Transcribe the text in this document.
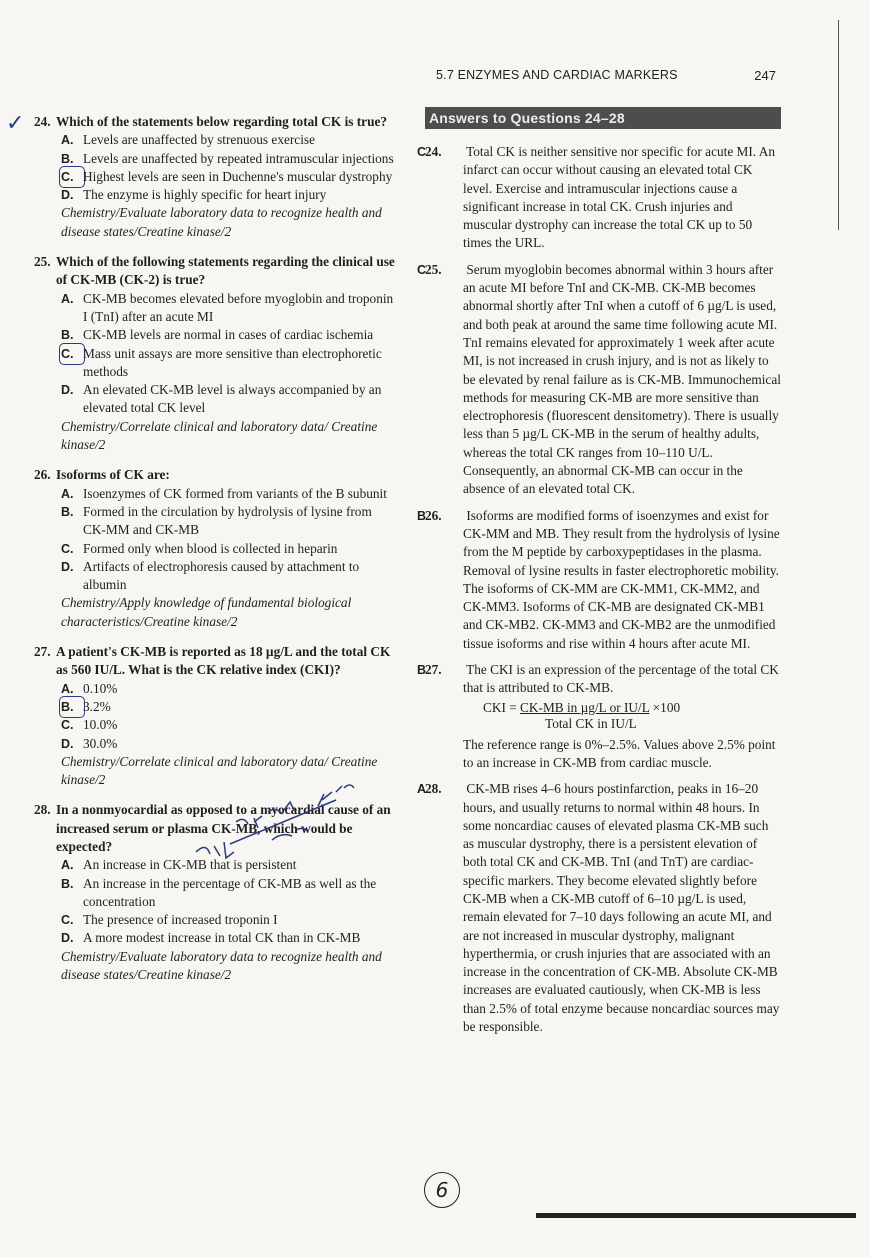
5.7 ENZYMES AND CARDIAC MARKERS	247
✓ 24. Which of the statements below regarding total CK is true?
A. Levels are unaffected by strenuous exercise
B. Levels are unaffected by repeated intramuscular injections
C. Highest levels are seen in Duchenne's muscular dystrophy
D. The enzyme is highly specific for heart injury
Chemistry/Evaluate laboratory data to recognize health and disease states/Creatine kinase/2
25. Which of the following statements regarding the clinical use of CK-MB (CK-2) is true?
A. CK-MB becomes elevated before myoglobin and troponin I (TnI) after an acute MI
B. CK-MB levels are normal in cases of cardiac ischemia
C. Mass unit assays are more sensitive than electrophoretic methods
D. An elevated CK-MB level is always accompanied by an elevated total CK level
Chemistry/Correlate clinical and laboratory data/ Creatine kinase/2
26. Isoforms of CK are:
A. Isoenzymes of CK formed from variants of the B subunit
B. Formed in the circulation by hydrolysis of lysine from CK-MM and CK-MB
C. Formed only when blood is collected in heparin
D. Artifacts of electrophoresis caused by attachment to albumin
Chemistry/Apply knowledge of fundamental biological characteristics/Creatine kinase/2
27. A patient's CK-MB is reported as 18 µg/L and the total CK as 560 IU/L. What is the CK relative index (CKI)?
A. 0.10%
B. 3.2%
C. 10.0%
D. 30.0%
Chemistry/Correlate clinical and laboratory data/ Creatine kinase/2
28. In a nonmyocardial as opposed to a myocardial cause of an increased serum or plasma CK-MB, which would be expected?
A. An increase in CK-MB that is persistent
B. An increase in the percentage of CK-MB as well as the concentration
C. The presence of increased troponin I
D. A more modest increase in total CK than in CK-MB
Chemistry/Evaluate laboratory data to recognize health and disease states/Creatine kinase/2
Answers to Questions 24–28
24.C	Total CK is neither sensitive nor specific for acute MI. An infarct can occur without causing an elevated total CK level. Exercise and intramuscular injections cause a significant increase in total CK. Crush injuries and muscular dystrophy can increase the total CK up to 50 times the URL.
25.C	Serum myoglobin becomes abnormal within 3 hours after an acute MI before TnI and CK-MB. CK-MB becomes abnormal shortly after TnI when a cutoff of 6 µg/L is used, and both peak at around the same time following acute MI. TnI remains elevated for approximately 1 week after acute MI, is not increased in crush injury, and is not as likely to be elevated by renal failure as is CK-MB. Immunochemical methods for measuring CK-MB are more sensitive than electrophoresis (fluorescent densitometry). There is usually less than 5 µg/L CK-MB in the serum of healthy adults, whereas the total CK ranges from 10–110 U/L. Consequently, an abnormal CK-MB can occur in the absence of an elevated total CK.
26.B	Isoforms are modified forms of isoenzymes and exist for CK-MM and MB. They result from the hydrolysis of lysine from the M peptide by carboxypeptidases in the plasma. Removal of lysine results in faster electrophoretic mobility. The isoforms of CK-MM are CK-MM1, CK-MM2, and CK-MM3. Isoforms of CK-MB are designated CK-MB1 and CK-MB2. CK-MM3 and CK-MB2 are the unmodified tissue isoforms and rise within 4 hours after acute MI.
27.B	The CKI is an expression of the percentage of the total CK that is attributed to CK-MB.
CKI = CK-MB in µg/L or IU/L ×100
Total CK in IU/L
The reference range is 0%–2.5%. Values above 2.5% point to an increase in CK-MB from cardiac muscle.
28.A	CK-MB rises 4–6 hours postinfarction, peaks in 16–20 hours, and usually returns to normal within 48 hours. In some noncardiac causes of elevated plasma CK-MB such as muscular dystrophy, there is a persistent elevation of both total CK and CK-MB. TnI (and TnT) are cardiac-specific markers. They become elevated slightly before CK-MB when a CK-MB cutoff of 6–10 µg/L is used, remain elevated for 7–10 days following an acute MI, and are not increased in muscular dystrophy, malignant hyperthermia, or crush injuries that are associated with an increase in the concentration of CK-MB. Absolute CK-MB increases are evaluated cautiously, when CK-MB is less than 2.5% of total enzyme because noncardiac sources may be responsible.
6
